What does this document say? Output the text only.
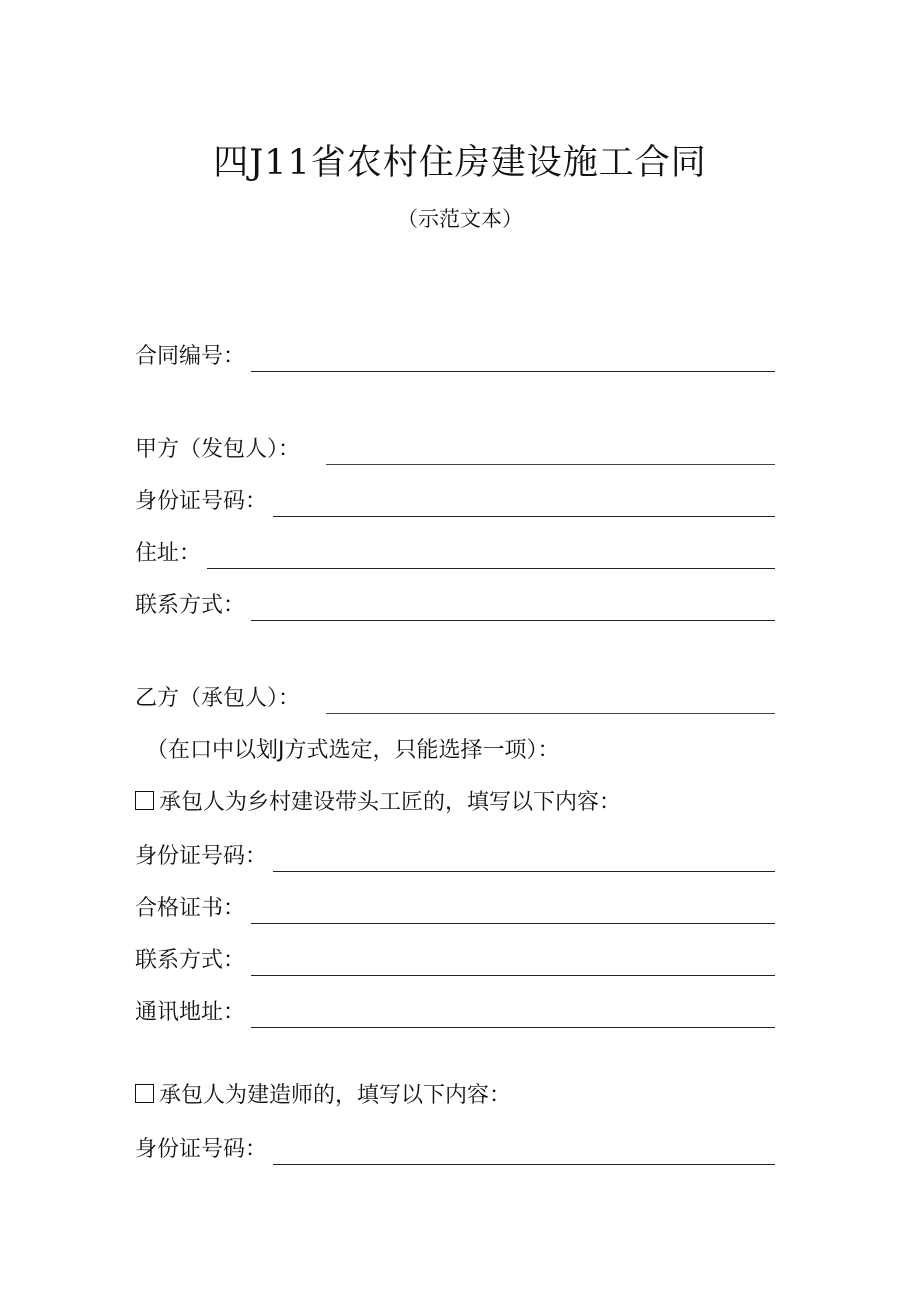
四J11省农村住房建设施工合同
（示范文本）
合同编号：
甲方（发包人）：
身份证号码：
住址：
联系方式：
乙方（承包人）：
（在口中以划J方式选定，只能选择一项）：
承包人为乡村建设带头工匠的，填写以下内容：
身份证号码：
合格证书：
联系方式：
通讯地址：
承包人为建造师的，填写以下内容：
身份证号码：
